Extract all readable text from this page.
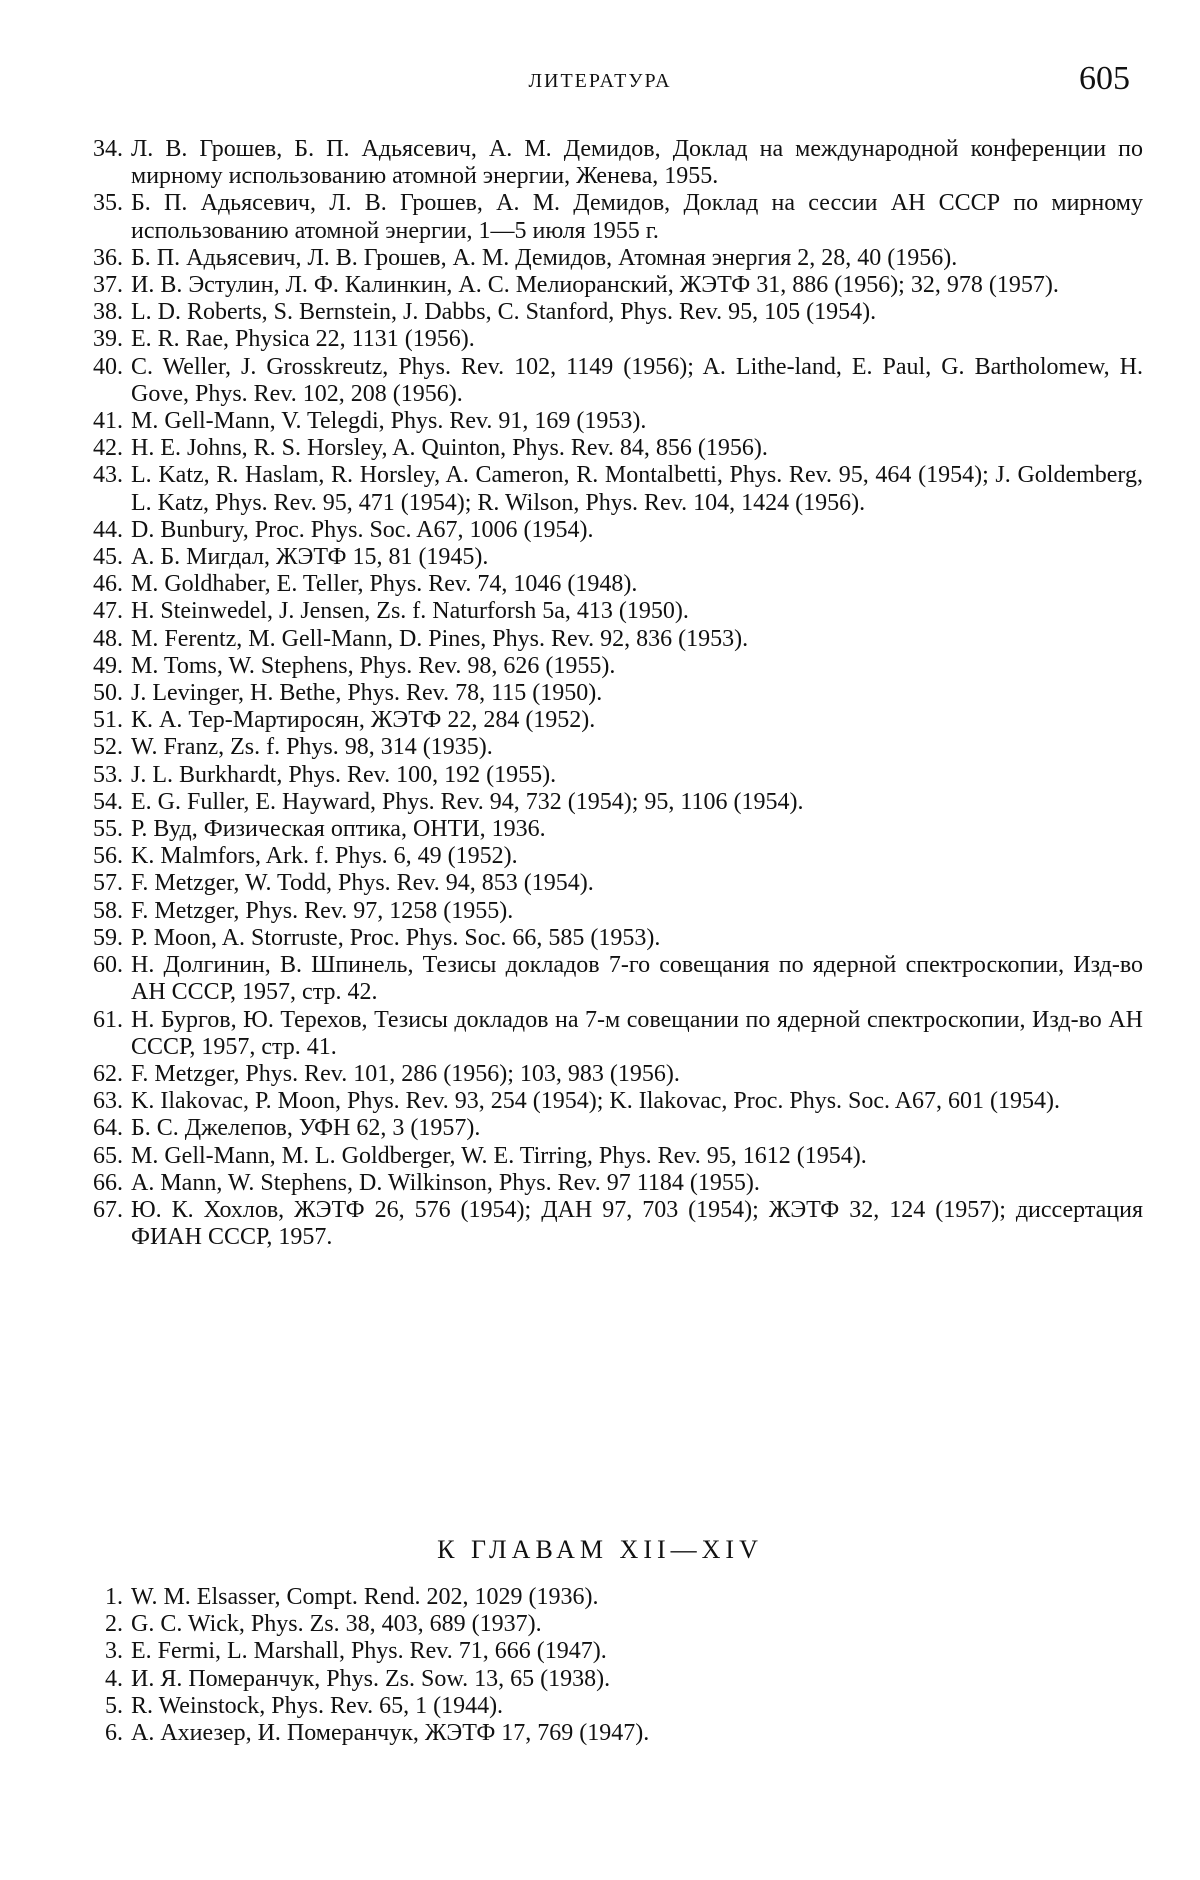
ЛИТЕРАТУРА	605
34. Л. В. Грошев, Б. П. Адьясевич, А. М. Демидов, Доклад на международной конференции по мирному использованию атомной энергии, Женева, 1955.
35. Б. П. Адьясевич, Л. В. Грошев, А. М. Демидов, Доклад на сессии АН СССР по мирному использованию атомной энергии, 1—5 июля 1955 г.
36. Б. П. Адьясевич, Л. В. Грошев, А. М. Демидов, Атомная энергия 2, 28, 40 (1956).
37. И. В. Эстулин, Л. Ф. Калинкин, А. С. Мелиоранский, ЖЭТФ 31, 886 (1956); 32, 978 (1957).
38. L. D. Roberts, S. Bernstein, J. Dabbs, C. Stanford, Phys. Rev. 95, 105 (1954).
39. E. R. Rae, Physica 22, 1131 (1956).
40. C. Weller, J. Grosskreutz, Phys. Rev. 102, 1149 (1956); A. Lithe-land, E. Paul, G. Bartholomew, H. Gove, Phys. Rev. 102, 208 (1956).
41. M. Gell-Mann, V. Telegdi, Phys. Rev. 91, 169 (1953).
42. H. E. Johns, R. S. Horsley, A. Quinton, Phys. Rev. 84, 856 (1956).
43. L. Katz, R. Haslam, R. Horsley, A. Cameron, R. Montalbetti, Phys. Rev. 95, 464 (1954); J. Goldemberg, L. Katz, Phys. Rev. 95, 471 (1954); R. Wilson, Phys. Rev. 104, 1424 (1956).
44. D. Bunbury, Proc. Phys. Soc. A67, 1006 (1954).
45. А. Б. Мигдал, ЖЭТФ 15, 81 (1945).
46. M. Goldhaber, E. Teller, Phys. Rev. 74, 1046 (1948).
47. H. Steinwedel, J. Jensen, Zs. f. Naturforsh 5a, 413 (1950).
48. M. Ferentz, M. Gell-Mann, D. Pines, Phys. Rev. 92, 836 (1953).
49. M. Toms, W. Stephens, Phys. Rev. 98, 626 (1955).
50. J. Levinger, H. Bethe, Phys. Rev. 78, 115 (1950).
51. К. А. Тер-Мартиросян, ЖЭТФ 22, 284 (1952).
52. W. Franz, Zs. f. Phys. 98, 314 (1935).
53. J. L. Burkhardt, Phys. Rev. 100, 192 (1955).
54. E. G. Fuller, E. Hayward, Phys. Rev. 94, 732 (1954); 95, 1106 (1954).
55. Р. Вуд, Физическая оптика, ОНТИ, 1936.
56. K. Malmfors, Ark. f. Phys. 6, 49 (1952).
57. F. Metzger, W. Todd, Phys. Rev. 94, 853 (1954).
58. F. Metzger, Phys. Rev. 97, 1258 (1955).
59. P. Moon, A. Storruste, Proc. Phys. Soc. 66, 585 (1953).
60. Н. Долгинин, В. Шпинель, Тезисы докладов 7-го совещания по ядерной спектроскопии, Изд-во АН СССР, 1957, стр. 42.
61. Н. Бургов, Ю. Терехов, Тезисы докладов на 7-м совещании по ядерной спектроскопии, Изд-во АН СССР, 1957, стр. 41.
62. F. Metzger, Phys. Rev. 101, 286 (1956); 103, 983 (1956).
63. K. Ilakovac, P. Moon, Phys. Rev. 93, 254 (1954); K. Ilakovac, Proc. Phys. Soc. A67, 601 (1954).
64. Б. С. Джелепов, УФН 62, 3 (1957).
65. M. Gell-Mann, M. L. Goldberger, W. E. Tirring, Phys. Rev. 95, 1612 (1954).
66. A. Mann, W. Stephens, D. Wilkinson, Phys. Rev. 97 1184 (1955).
67. Ю. К. Хохлов, ЖЭТФ 26, 576 (1954); ДАН 97, 703 (1954); ЖЭТФ 32, 124 (1957); диссертация ФИАН СССР, 1957.
К ГЛАВАМ XII—XIV
1. W. M. Elsasser, Compt. Rend. 202, 1029 (1936).
2. G. C. Wick, Phys. Zs. 38, 403, 689 (1937).
3. E. Fermi, L. Marshall, Phys. Rev. 71, 666 (1947).
4. И. Я. Померанчук, Phys. Zs. Sow. 13, 65 (1938).
5. R. Weinstock, Phys. Rev. 65, 1 (1944).
6. А. Ахиезер, И. Померанчук, ЖЭТФ 17, 769 (1947).
